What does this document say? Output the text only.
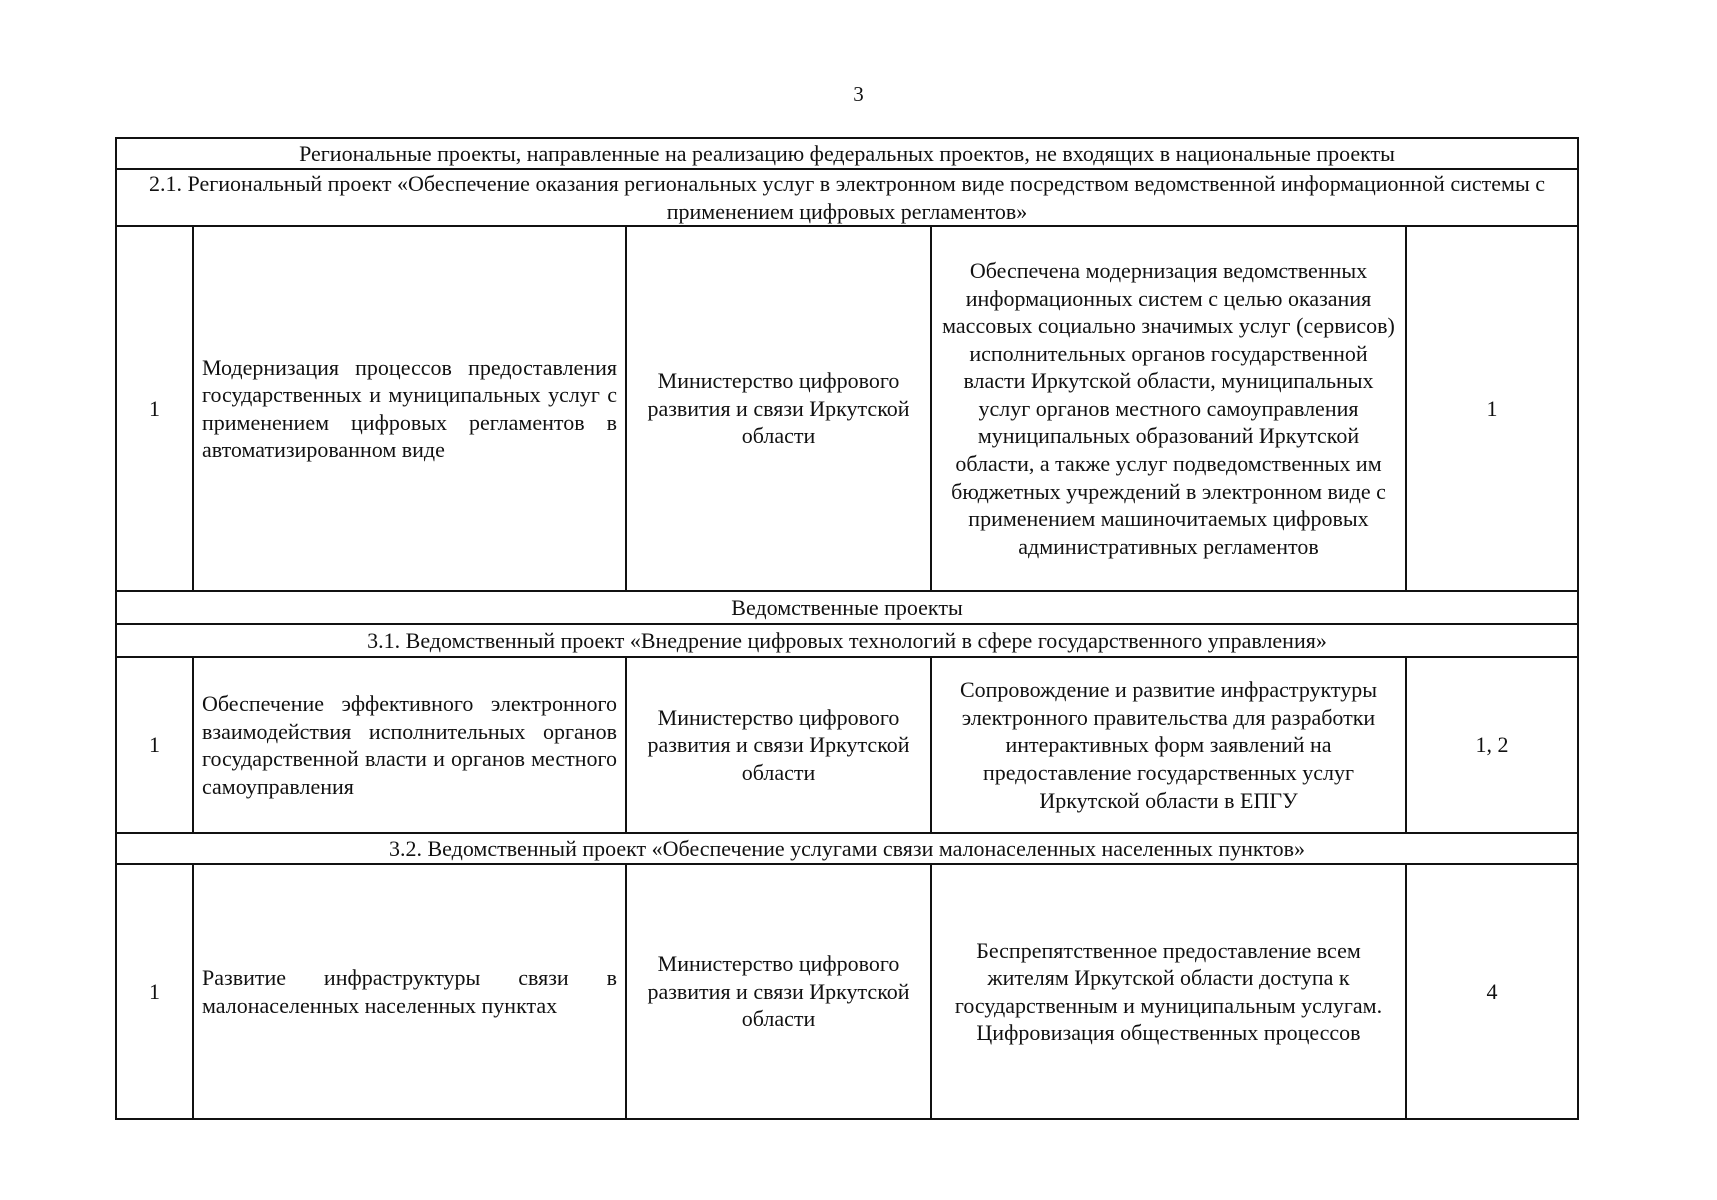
3
Региональные проекты, направленные на реализацию федеральных проектов, не входящих в национальные проекты				
2.1. Региональный проект «Обеспечение оказания региональных услуг в электронном виде посредством ведомственной информационной системы с применением цифровых регламентов»				
1	Модернизация процессов предоставления государственных и муниципальных услуг с применением цифровых регламентов в автоматизированном виде	Министерство цифрового развития и связи Иркутской области	Обеспечена модернизация ведомственных информационных систем с целью оказания массовых социально значимых услуг (сервисов) исполнительных органов государственной власти Иркутской области, муниципальных услуг органов местного самоуправления муниципальных образований Иркутской области, а также услуг подведомственных им бюджетных учреждений в электронном виде с применением машиночитаемых цифровых административных регламентов	1
Ведомственные проекты				
3.1. Ведомственный проект «Внедрение цифровых технологий в сфере государственного управления»				
1	Обеспечение эффективного электронного взаимодействия исполнительных органов государственной власти и органов местного самоуправления	Министерство цифрового развития и связи Иркутской области	Сопровождение и развитие инфраструктуры электронного правительства для разработки интерактивных форм заявлений на предоставление государственных услуг Иркутской области в ЕПГУ	1, 2
3.2. Ведомственный проект «Обеспечение услугами связи малонаселенных населенных пунктов»				
1	Развитие инфраструктуры связи в малонаселенных населенных пунктах	Министерство цифрового развития и связи Иркутской области	Беспрепятственное предоставление всем жителям Иркутской области доступа к государственным и муниципальным услугам. Цифровизация общественных процессов	4
